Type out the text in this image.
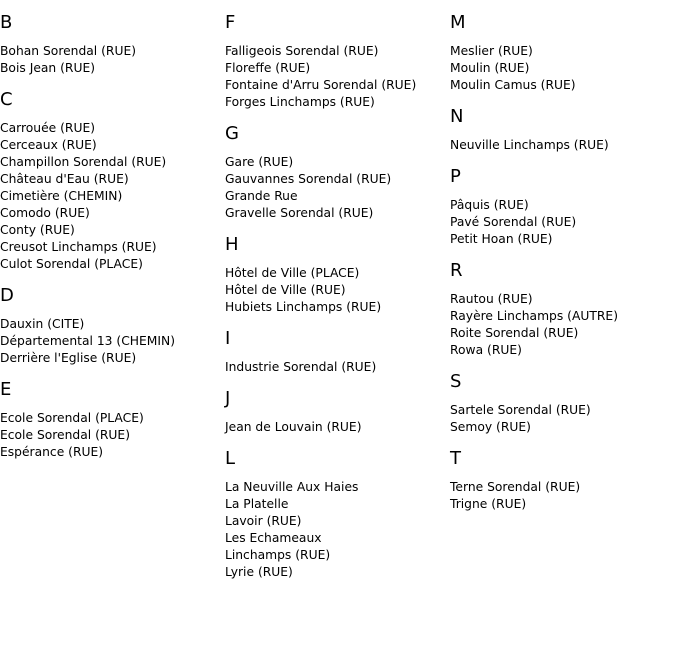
B
Bohan Sorendal (RUE)
Bois Jean (RUE)
C
Carrouée (RUE)
Cerceaux (RUE)
Champillon Sorendal (RUE)
Château d'Eau (RUE)
Cimetière (CHEMIN)
Comodo (RUE)
Conty (RUE)
Creusot Linchamps (RUE)
Culot Sorendal (PLACE)
D
Dauxin (CITE)
Départemental 13 (CHEMIN)
Derrière l'Eglise (RUE)
E
Ecole Sorendal (PLACE)
Ecole Sorendal (RUE)
Espérance (RUE)
F
Falligeois Sorendal (RUE)
Floreffe (RUE)
Fontaine d'Arru Sorendal (RUE)
Forges Linchamps (RUE)
G
Gare (RUE)
Gauvannes Sorendal (RUE)
Grande Rue
Gravelle Sorendal (RUE)
H
Hôtel de Ville (PLACE)
Hôtel de Ville (RUE)
Hubiets Linchamps (RUE)
I
Industrie Sorendal (RUE)
J
Jean de Louvain (RUE)
L
La Neuville Aux Haies
La Platelle
Lavoir (RUE)
Les Echameaux
Linchamps (RUE)
Lyrie (RUE)
M
Meslier (RUE)
Moulin (RUE)
Moulin Camus (RUE)
N
Neuville Linchamps (RUE)
P
Pâquis (RUE)
Pavé Sorendal (RUE)
Petit Hoan (RUE)
R
Rautou (RUE)
Rayère Linchamps (AUTRE)
Roite Sorendal (RUE)
Rowa (RUE)
S
Sartele Sorendal (RUE)
Semoy (RUE)
T
Terne Sorendal (RUE)
Trigne (RUE)
